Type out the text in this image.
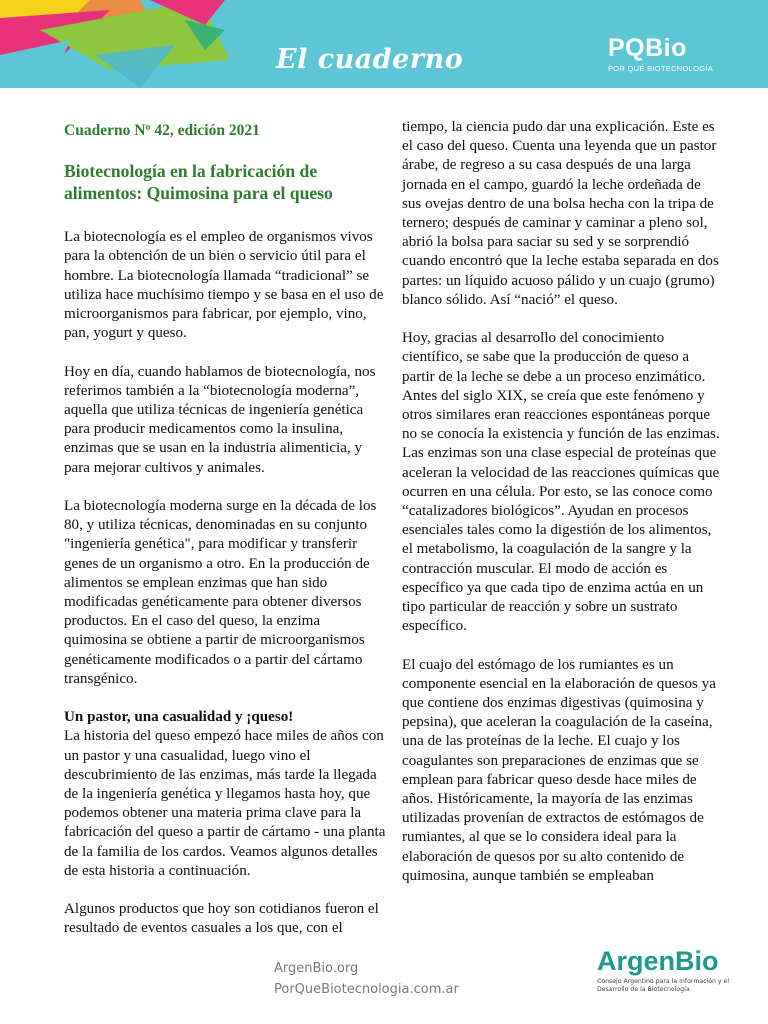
El cuaderno	PQBio
POR QUÉ BIOTECNOLOGÍA

Cuaderno Nº 42, edición 2021

Biotecnología en la fabricación de alimentos: Quimosina para el queso

La biotecnología es el empleo de organismos vivos para la obtención de un bien o servicio útil para el hombre. La biotecnología llamada “tradicional” se utiliza hace muchísimo tiempo y se basa en el uso de microorganismos para fabricar, por ejemplo, vino, pan, yogurt y queso.

Hoy en día, cuando hablamos de biotecnología, nos referimos también a la “biotecnología moderna”, aquella que utiliza técnicas de ingeniería genética para producir medicamentos como la insulina, enzimas que se usan en la industria alimenticia, y para mejorar cultivos y animales.

La biotecnología moderna surge en la década de los 80, y utiliza técnicas, denominadas en su conjunto "ingeniería genética", para modificar y transferir genes de un organismo a otro. En la producción de alimentos se emplean enzimas que han sido modificadas genéticamente para obtener diversos productos. En el caso del queso, la enzima quimosina se obtiene a partir de microorganismos genéticamente modificados o a partir del cártamo transgénico.

Un pastor, una casualidad y ¡queso!

La historia del queso empezó hace miles de años con un pastor y una casualidad, luego vino el descubrimiento de las enzimas, más tarde la llegada de la ingeniería genética y llegamos hasta hoy, que podemos obtener una materia prima clave para la fabricación del queso a partir de cártamo - una planta de la familia de los cardos. Veamos algunos detalles de esta historia a continuación.

Algunos productos que hoy son cotidianos fueron el resultado de eventos casuales a los que, con el

tiempo, la ciencia pudo dar una explicación. Este es el caso del queso. Cuenta una leyenda que un pastor árabe, de regreso a su casa después de una larga jornada en el campo, guardó la leche ordeñada de sus ovejas dentro de una bolsa hecha con la tripa de ternero; después de caminar y caminar a pleno sol, abrió la bolsa para saciar su sed y se sorprendió cuando encontró que la leche estaba separada en dos partes: un líquido acuoso pálido y un cuajo (grumo) blanco sólido. Así “nació” el queso.

Hoy, gracias al desarrollo del conocimiento científico, se sabe que la producción de queso a partir de la leche se debe a un proceso enzimático. Antes del siglo XIX, se creía que este fenómeno y otros similares eran reacciones espontáneas porque no se conocía la existencia y función de las enzimas. Las enzimas son una clase especial de proteínas que aceleran la velocidad de las reacciones químicas que ocurren en una célula. Por esto, se las conoce como “catalizadores biológicos”. Ayudan en procesos esenciales tales como la digestión de los alimentos, el metabolismo, la coagulación de la sangre y la contracción muscular. El modo de acción es específico ya que cada tipo de enzima actúa en un tipo particular de reacción y sobre un sustrato específico.

El cuajo del estómago de los rumiantes es un componente esencial en la elaboración de quesos ya que contiene dos enzimas digestivas (quimosina y pepsina), que aceleran la coagulación de la caseína, una de las proteínas de la leche. El cuajo y los coagulantes son preparaciones de enzimas que se emplean para fabricar queso desde hace miles de años. Históricamente, la mayoría de las enzimas utilizadas provenían de extractos de estómagos de rumiantes, al que se lo considera ideal para la elaboración de quesos por su alto contenido de quimosina, aunque también se empleaban

ArgenBio.org
PorQueBiotecnologia.com.ar
ArgenBio
Consejo Argentino para la Información y el Desarrollo de la Biotecnología
